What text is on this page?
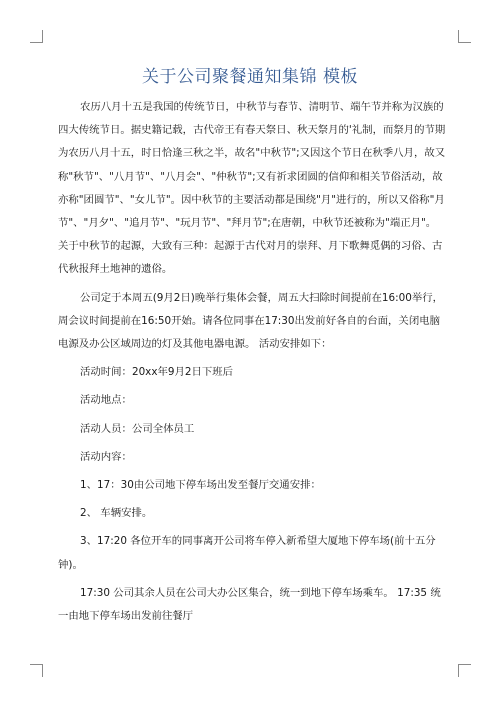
关于公司聚餐通知集锦 模板

农历八月十五是我国的传统节日，中秋节与春节、清明节、端午节并称为汉族的

四大传统节日。据史籍记载，古代帝王有春天祭日、秋天祭月的'礼制，而祭月的节期

为农历八月十五，时日恰逢三秋之半，故名"中秋节";又因这个节日在秋季八月，故又

称"秋节"、"八月节"、"八月会"、"仲秋节";又有祈求团圆的信仰和相关节俗活动，故

亦称"团圆节"、"女儿节"。因中秋节的主要活动都是围绕"月"进行的，所以又俗称"月

节"、"月夕"、"追月节"、"玩月节"、"拜月节";在唐朝，中秋节还被称为"端正月"。

关于中秋节的起源，大致有三种：起源于古代对月的崇拜、月下歌舞觅偶的习俗、古

代秋报拜土地神的遗俗。

公司定于本周五(9月2日)晚举行集体会餐，周五大扫除时间提前在16:00举行，

周会议时间提前在16:50开始。请各位同事在17:30出发前好各自的台面，关闭电脑

电源及办公区域周边的灯及其他电器电源。 活动安排如下：

活动时间：20xx年9月2日下班后

活动地点：

活动人员：公司全体员工

活动内容：

1、17：30由公司地下停车场出发至餐厅交通安排：

2、 车辆安排。

3、17:20 各位开车的同事离开公司将车停入新希望大厦地下停车场(前十五分

钟)。

17:30 公司其余人员在公司大办公区集合，统一到地下停车场乘车。 17:35 统

一由地下停车场出发前往餐厅
